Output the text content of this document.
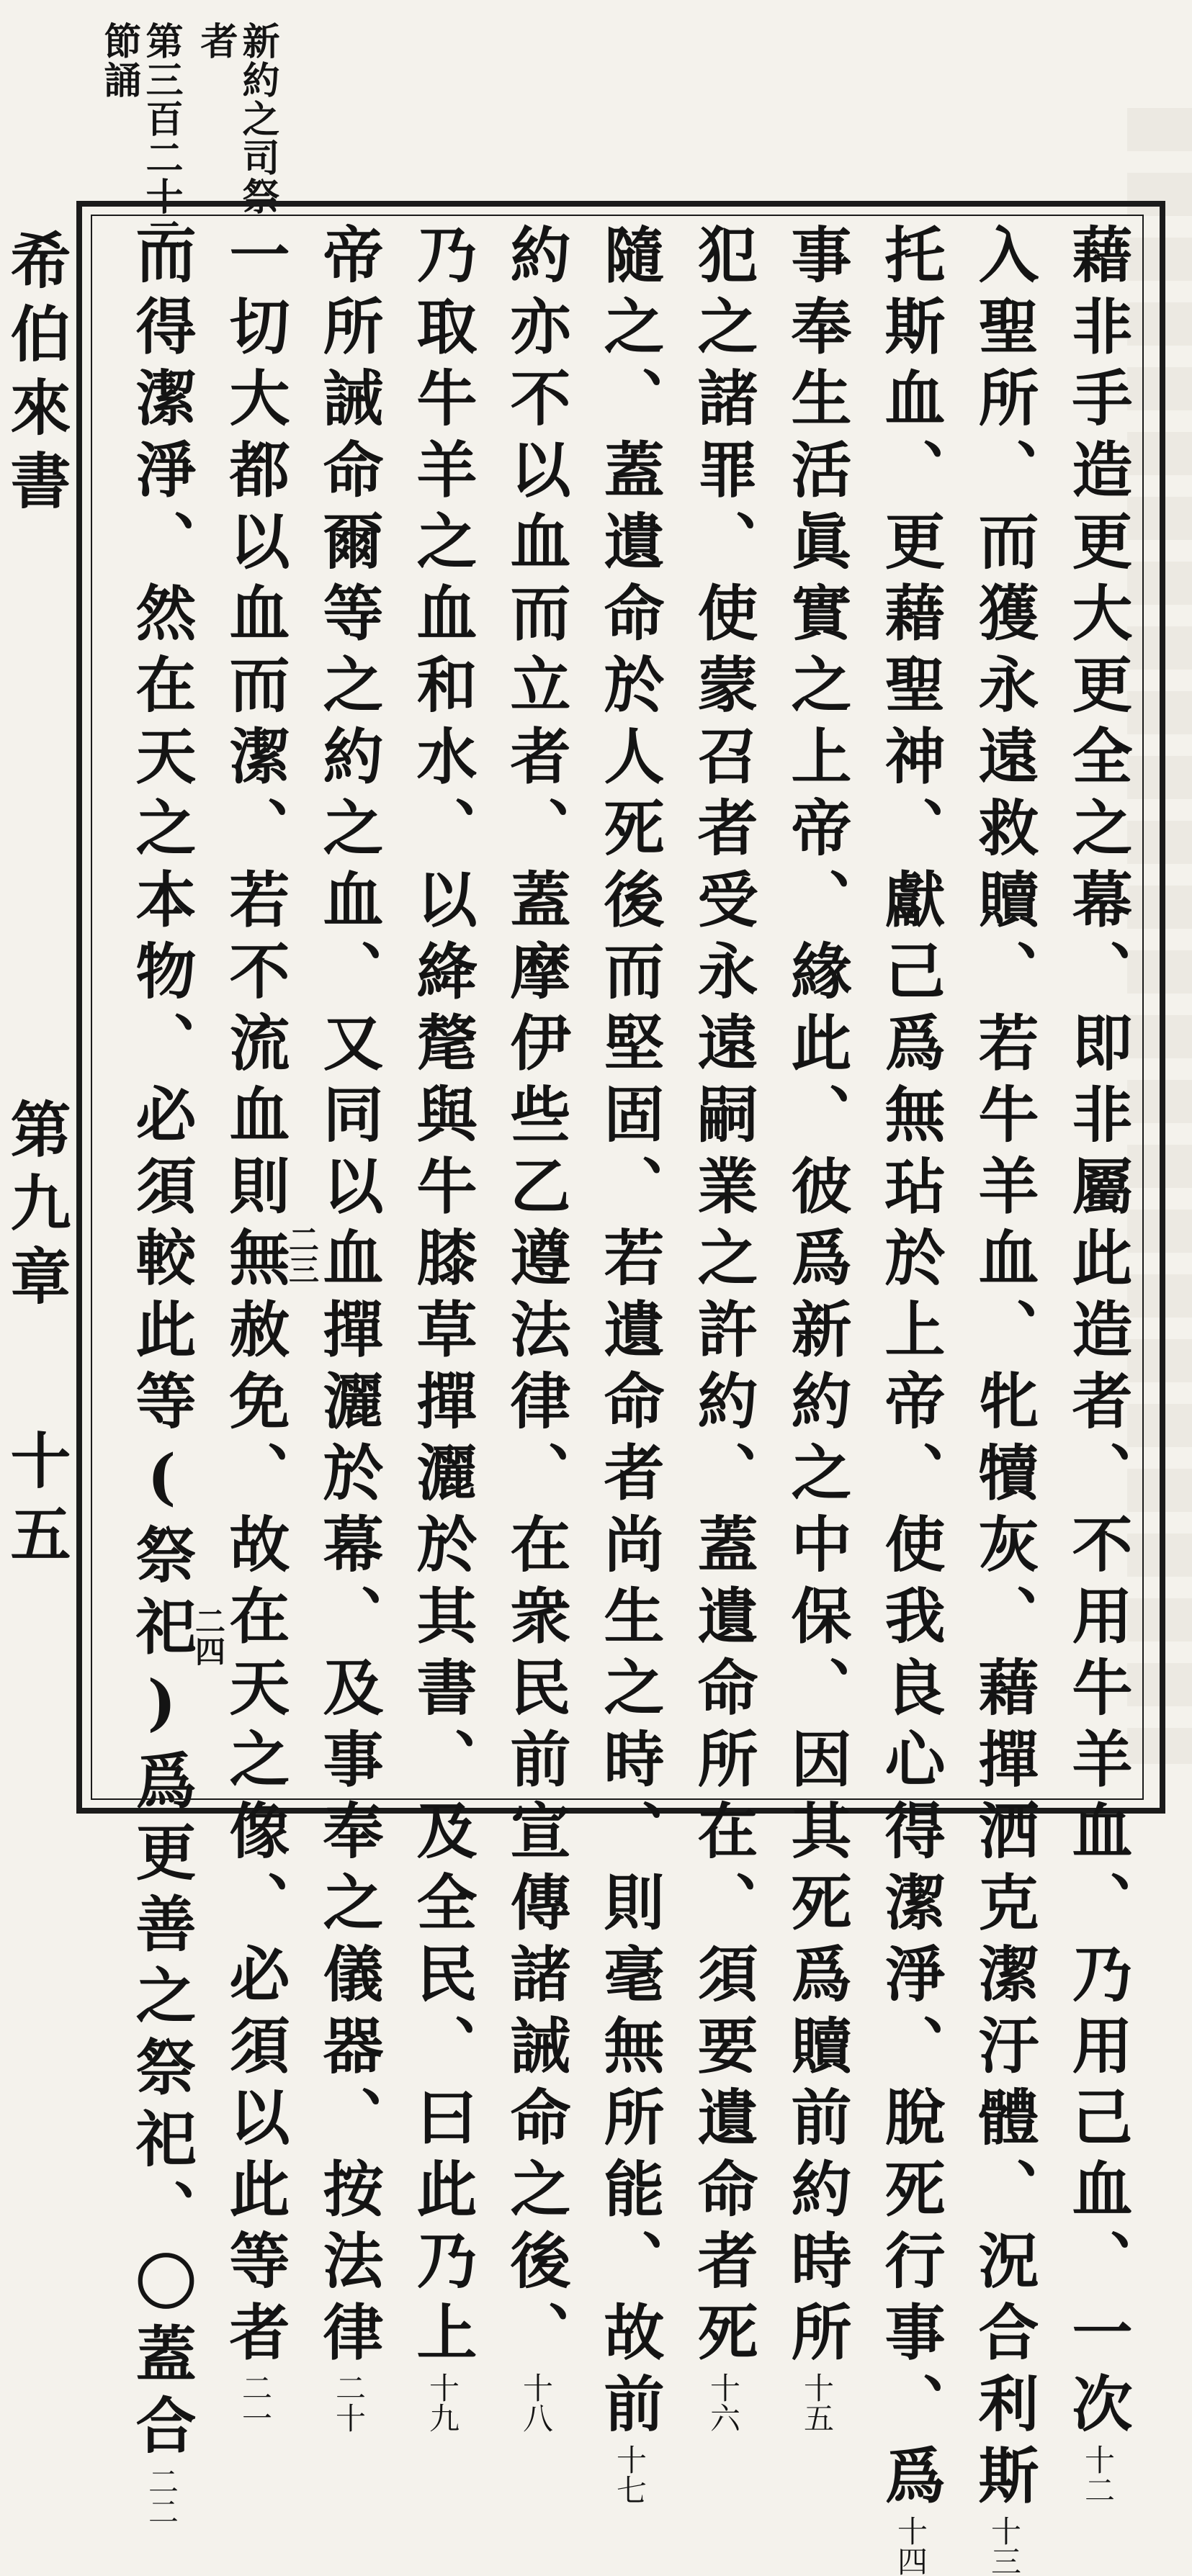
希伯來書
第九章
十五
新約之司祭
者
第三百二十二
節誦
藉非手造更大更全之幕、即非屬此造者、不用牛羊血、乃用己血、一次十二
入聖所、而獲永遠救贖、若牛羊血、牝犢灰、藉撣洒克潔汙體、況合利斯十三
托斯血、更藉聖神、獻己爲無玷於上帝、使我良心得潔淨、脫死行事、爲十四
事奉生活眞實之上帝、緣此、彼爲新約之中保、因其死爲贖前約時所十五
犯之諸罪、使蒙召者受永遠嗣業之許約、蓋遺命所在、須要遺命者死十六
隨之、蓋遺命於人死後而堅固、若遺命者尚生之時、則毫無所能、故前十七
約亦不以血而立者、蓋摩伊些乙遵法律、在衆民前宣傳諸誡命之後、十八
乃取牛羊之血和水、以絳氂與牛膝草撣灑於其書、及全民、曰此乃上十九
帝所誡命爾等之約之血、又同以血撣灑於幕、及事奉之儀器、按法律二十
一切大都以血而潔、若不流血則無赦免、故在天之像、必須以此等者二一
而得潔淨、然在天之本物、必須較此等(祭祀)爲更善之祭祀、〇蓋合二二
二三
二四
